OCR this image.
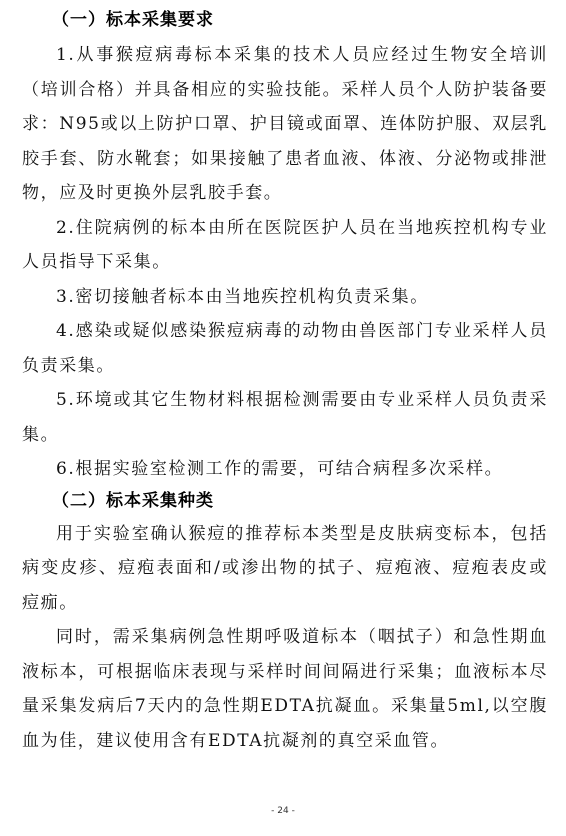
（一）标本采集要求

1.从事猴痘病毒标本采集的技术人员应经过生物安全培训（培训合格）并具备相应的实验技能。采样人员个人防护装备要求：N95或以上防护口罩、护目镜或面罩、连体防护服、双层乳胶手套、防水靴套；如果接触了患者血液、体液、分泌物或排泄物，应及时更换外层乳胶手套。

2.住院病例的标本由所在医院医护人员在当地疾控机构专业人员指导下采集。

3.密切接触者标本由当地疾控机构负责采集。

4.感染或疑似感染猴痘病毒的动物由兽医部门专业采样人员负责采集。

5.环境或其它生物材料根据检测需要由专业采样人员负责采集。

6.根据实验室检测工作的需要，可结合病程多次采样。

（二）标本采集种类

用于实验室确认猴痘的推荐标本类型是皮肤病变标本，包括病变皮疹、痘疱表面和/或渗出物的拭子、痘疱液、痘疱表皮或痘痂。

同时，需采集病例急性期呼吸道标本（咽拭子）和急性期血液标本，可根据临床表现与采样时间间隔进行采集；血液标本尽量采集发病后7天内的急性期EDTA抗凝血。采集量5ml,以空腹血为佳，建议使用含有EDTA抗凝剂的真空采血管。

- 24 -
